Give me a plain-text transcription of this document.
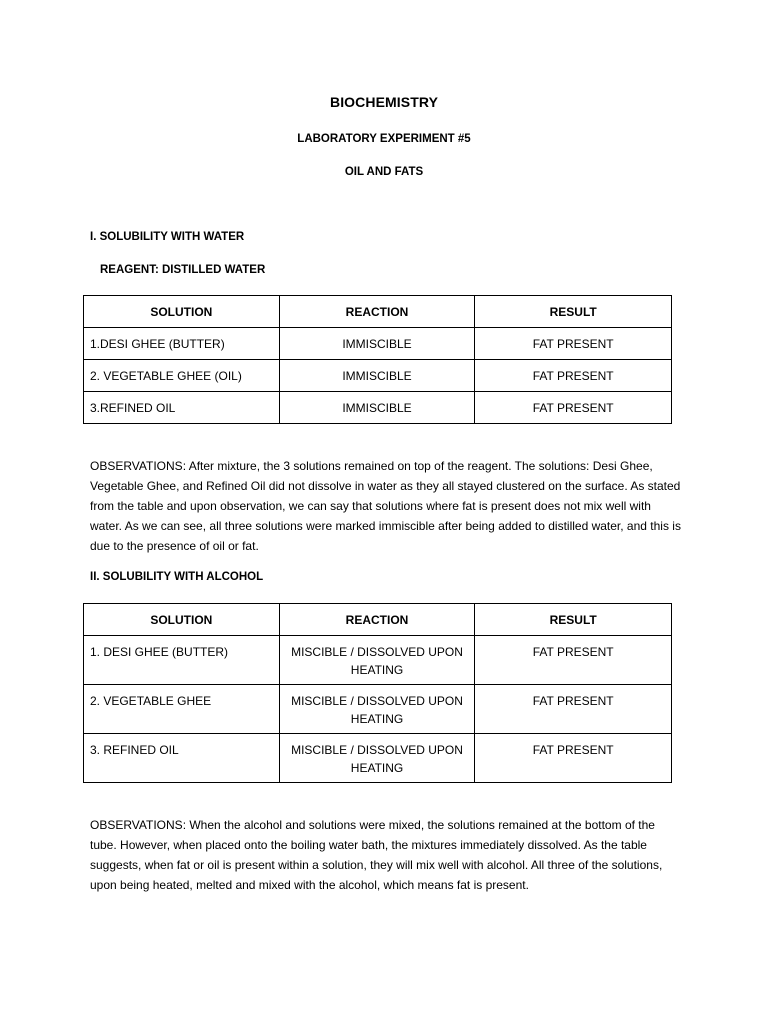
BIOCHEMISTRY
LABORATORY EXPERIMENT #5
OIL AND FATS
I. SOLUBILITY WITH WATER
REAGENT: DISTILLED WATER
SOLUTION	REACTION	RESULT
1.DESI GHEE (BUTTER)	IMMISCIBLE	FAT PRESENT
2. VEGETABLE GHEE (OIL)	IMMISCIBLE	FAT PRESENT
3.REFINED OIL	IMMISCIBLE	FAT PRESENT
OBSERVATIONS: After mixture, the 3 solutions remained on top of the reagent. The solutions: Desi Ghee, Vegetable Ghee, and Refined Oil did not dissolve in water as they all stayed clustered on the surface. As stated from the table and upon observation, we can say that solutions where fat is present does not mix well with water. As we can see, all three solutions were marked immiscible after being added to distilled water, and this is due to the presence of oil or fat.
II. SOLUBILITY WITH ALCOHOL
SOLUTION	REACTION	RESULT
1. DESI GHEE (BUTTER)	MISCIBLE / DISSOLVED UPON HEATING	FAT PRESENT
2. VEGETABLE GHEE	MISCIBLE / DISSOLVED UPON HEATING	FAT PRESENT
3. REFINED OIL	MISCIBLE / DISSOLVED UPON HEATING	FAT PRESENT
OBSERVATIONS: When the alcohol and solutions were mixed, the solutions remained at the bottom of the tube. However, when placed onto the boiling water bath, the mixtures immediately dissolved. As the table suggests, when fat or oil is present within a solution, they will mix well with alcohol. All three of the solutions, upon being heated, melted and mixed with the alcohol, which means fat is present.
